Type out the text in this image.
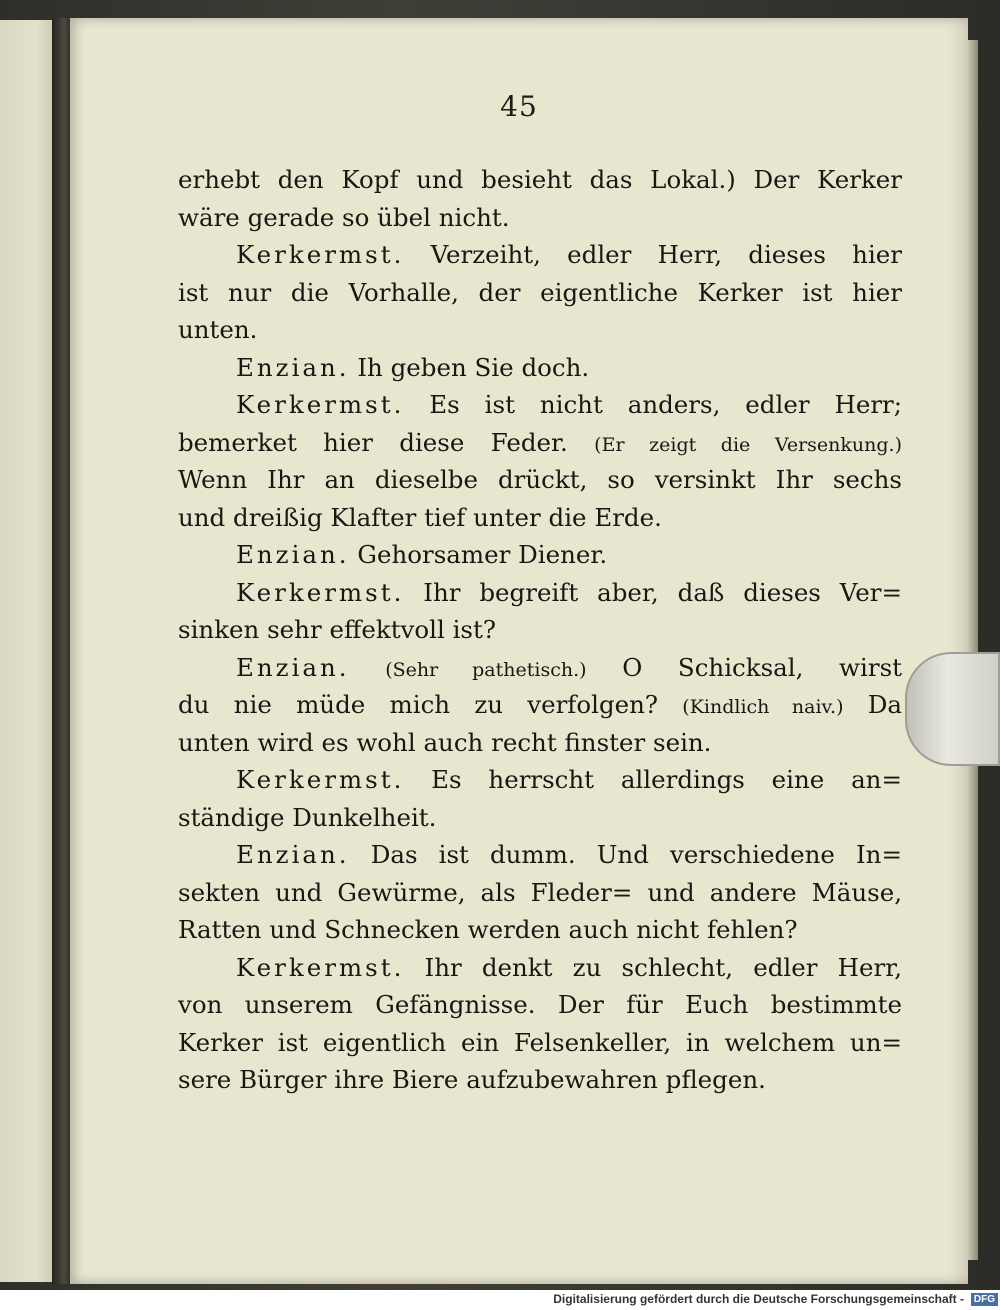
45
erhebt den Kopf und besieht das Lokal.) Der Kerker
wäre gerade so übel nicht.
Kerkermst. Verzeiht, edler Herr, dieses hier
ist nur die Vorhalle, der eigentliche Kerker ist hier
unten.
Enzian. Ih geben Sie doch.
Kerkermst. Es ist nicht anders, edler Herr;
bemerket hier diese Feder. (Er zeigt die Versenkung.)
Wenn Ihr an dieselbe drückt, so versinkt Ihr sechs
und dreißig Klafter tief unter die Erde.
Enzian. Gehorsamer Diener.
Kerkermst. Ihr begreift aber, daß dieses Ver=
sinken sehr effektvoll ist?
Enzian. (Sehr pathetisch.) O Schicksal, wirst
du nie müde mich zu verfolgen? (Kindlich naiv.) Da
unten wird es wohl auch recht finster sein.
Kerkermst. Es herrscht allerdings eine an=
ständige Dunkelheit.
Enzian. Das ist dumm. Und verschiedene In=
sekten und Gewürme, als Fleder= und andere Mäuse,
Ratten und Schnecken werden auch nicht fehlen?
Kerkermst. Ihr denkt zu schlecht, edler Herr,
von unserem Gefängnisse. Der für Euch bestimmte
Kerker ist eigentlich ein Felsenkeller, in welchem un=
sere Bürger ihre Biere aufzubewahren pflegen.
Digitalisierung gefördert durch die Deutsche Forschungsgemeinschaft - DFG
